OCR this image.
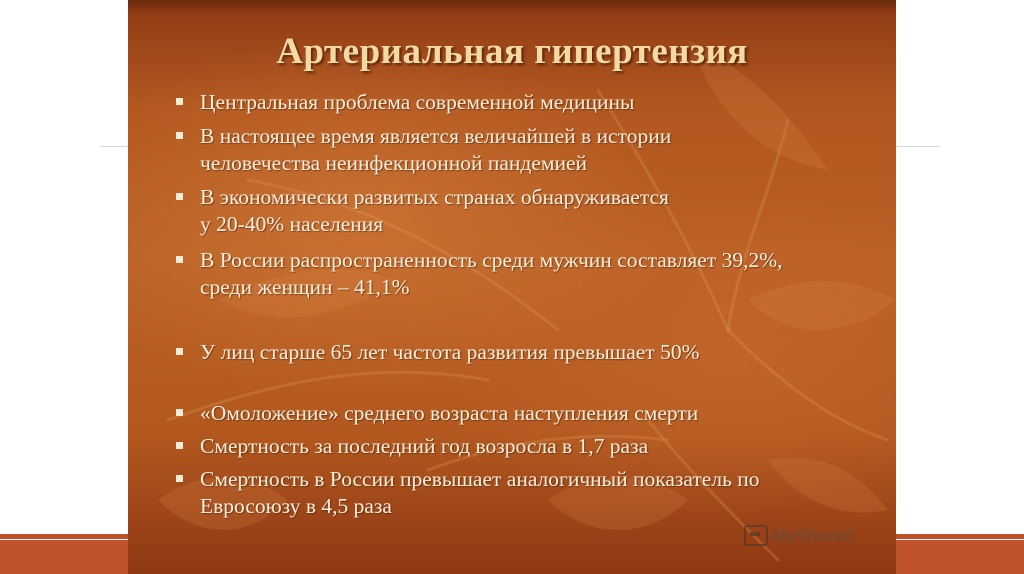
Артериальная гипертензия
Центральная проблема современной медицины
В настоящее время является величайшей в истории
человечества неинфекционной пандемией
В экономически развитых странах обнаруживается
у 20-40% населения
В России распространенность среди мужчин составляет 39,2%,
среди женщин – 41,1%
У лиц старше 65 лет частота развития превышает 50%
«Омоложение» среднего возраста наступления смерти
Смертность за последний год возросла в 1,7 раза
Смертность в России превышает аналогичный показатель по
Евросоюзу в 4,5 раза
MyShared
